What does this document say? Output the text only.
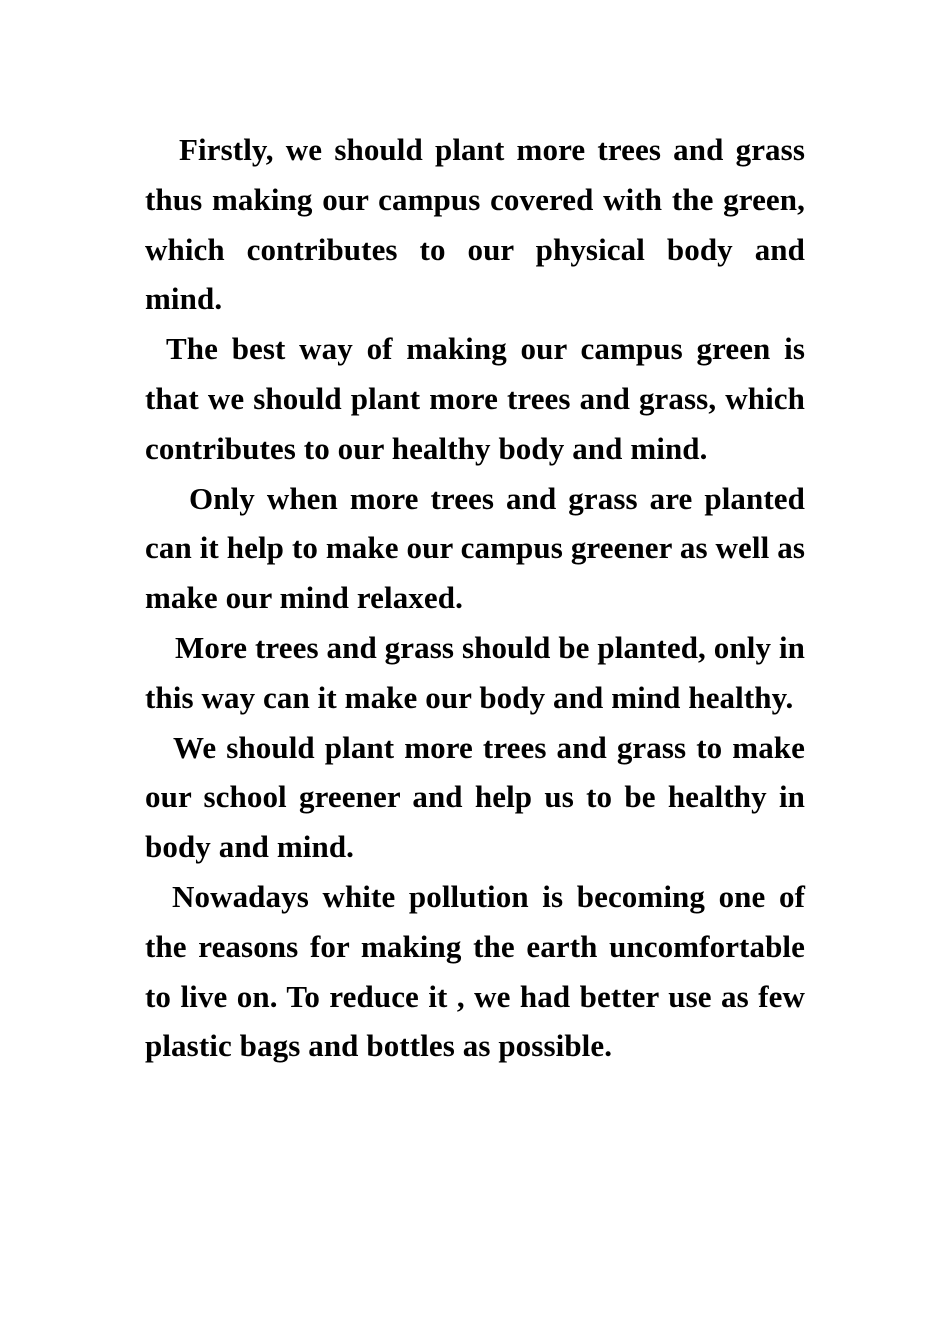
Firstly, we should plant more trees and grass thus making our campus covered with the green, which contributes to our physical body and mind.

The best way of making our campus green is that we should plant more trees and grass, which contributes to our healthy body and mind.

Only when more trees and grass are planted can it help to make our campus greener as well as make our mind relaxed.

More trees and grass should be planted, only in this way can it make our body and mind healthy.

We should plant more trees and grass to make our school greener and help us to be healthy in body and mind.

Nowadays white pollution is becoming one of the reasons for making the earth uncomfortable to live on. To reduce it , we had better use as few plastic bags and bottles as possible.
